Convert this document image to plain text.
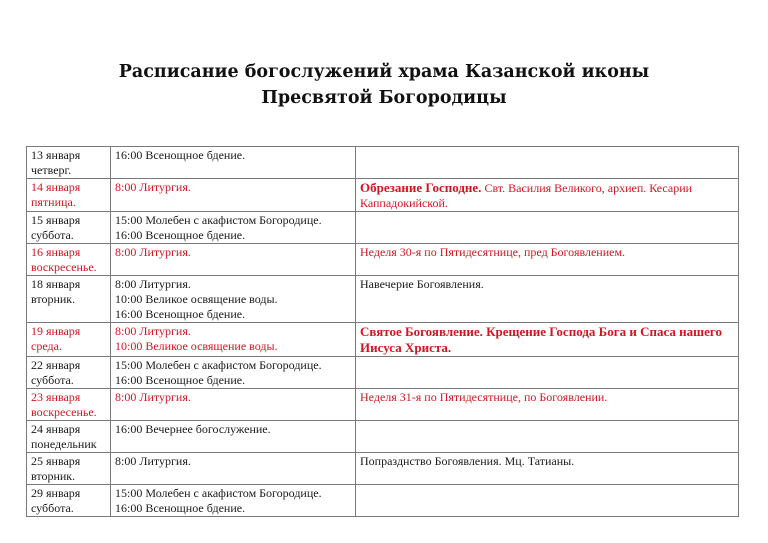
Расписание богослужений храма Казанской иконы
Пресвятой Богородицы
13 января
четверг.	16:00 Всенощное бдение.	

14 января
пятница.	8:00 Литургия.	Обрезание Господне. Свт. Василия Великого, архиеп. Кесарии Каппадокийской.

15 января
суббота.	15:00 Молебен с акафистом Богородице.
16:00 Всенощное бдение.	

16 января
воскресенье.	8:00 Литургия.	Неделя 30-я по Пятидесятнице, пред Богоявлением.

18 января
вторник.	8:00 Литургия.
10:00 Великое освящение воды.
16:00 Всенощное бдение.	Навечерие Богоявления.

19 января
среда.	8:00 Литургия.
10:00 Великое освящение воды.	Святое Богоявление. Крещение Господа Бога и Спаса нашего Иисуса Христа.

22 января
суббота.	15:00 Молебен с акафистом Богородице.
16:00 Всенощное бдение.	

23 января
воскресенье.	8:00 Литургия.	Неделя 31-я по Пятидесятнице, по Богоявлении.

24 января
понедельник	16:00 Вечернее богослужение.	

25 января
вторник.	8:00 Литургия.	Попразднство Богоявления. Мц. Татианы.

29 января
суббота.	15:00 Молебен с акафистом Богородице.
16:00 Всенощное бдение.	
